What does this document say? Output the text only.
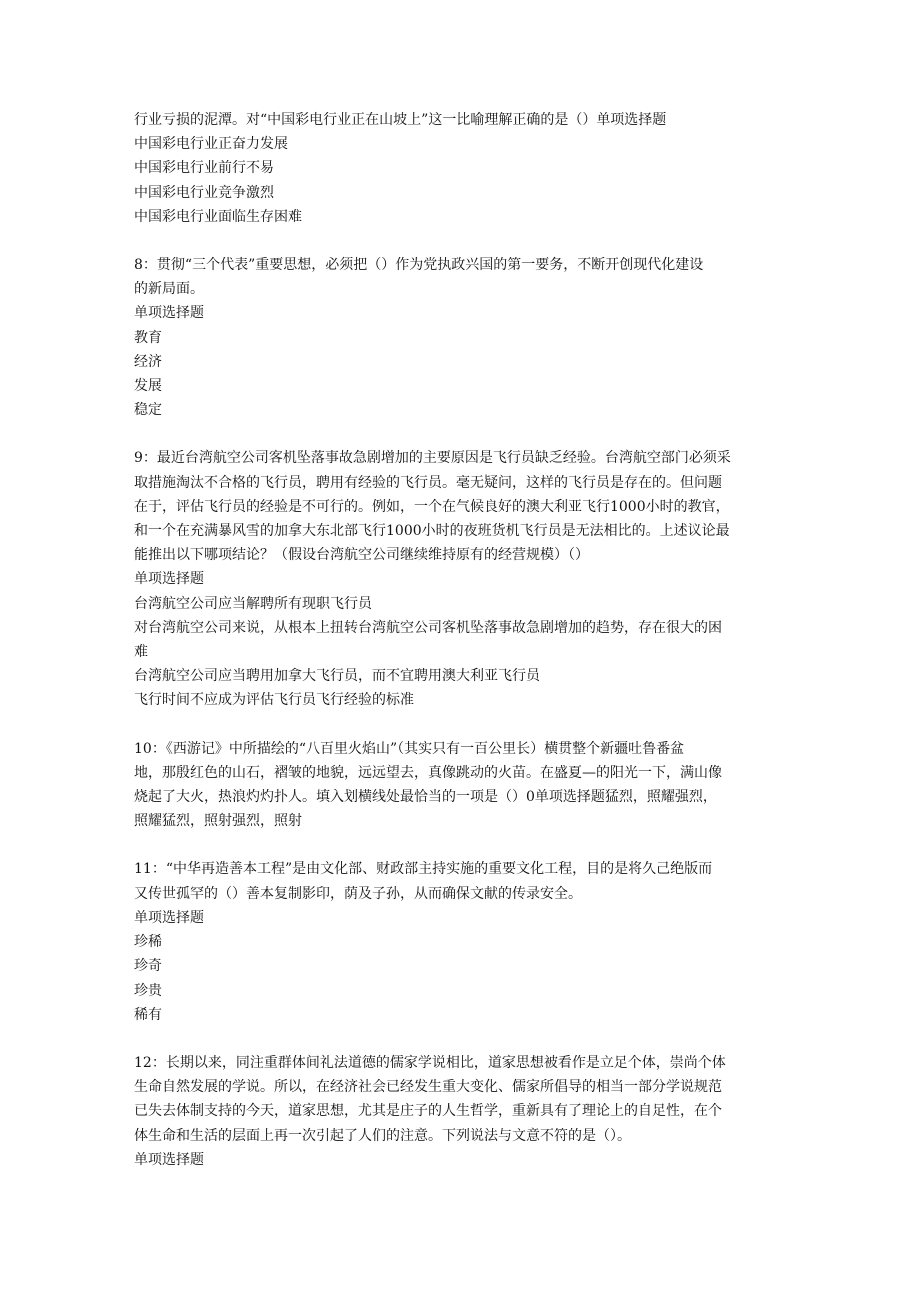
行业亏损的泥潭。对“中国彩电行业正在山坡上”这一比喻理解正确的是（）单项选择题
中国彩电行业正奋力发展
中国彩电行业前行不易
中国彩电行业竞争激烈
中国彩电行业面临生存困难
8：贯彻“三个代表”重要思想，必须把（）作为党执政兴国的第一要务，不断开创现代化建设
的新局面。
单项选择题
教育
经济
发展
稳定
9：最近台湾航空公司客机坠落事故急剧增加的主要原因是飞行员缺乏经验。台湾航空部门必须采
取措施淘汰不合格的飞行员，聘用有经验的飞行员。毫无疑问，这样的飞行员是存在的。但问题
在于，评估飞行员的经验是不可行的。例如，一个在气候良好的澳大利亚飞行1000小时的教官，
和一个在充满暴风雪的加拿大东北部飞行1000小时的夜班货机飞行员是无法相比的。上述议论最
能推出以下哪项结论？（假设台湾航空公司继续维持原有的经营规模）（）
单项选择题
台湾航空公司应当解聘所有现职飞行员
对台湾航空公司来说，从根本上扭转台湾航空公司客机坠落事故急剧增加的趋势，存在很大的困
难
台湾航空公司应当聘用加拿大飞行员，而不宜聘用澳大利亚飞行员
飞行时间不应成为评估飞行员飞行经验的标准
10：《西游记》中所描绘的“八百里火焰山”（其实只有一百公里长）横贯整个新疆吐鲁番盆
地，那殷红色的山石，褶皱的地貌，远远望去，真像跳动的火苗。在盛夏—的阳光一下，满山像
烧起了大火，热浪灼灼扑人。填入划横线处最恰当的一项是（）0单项选择题猛烈，照耀强烈，
照耀猛烈，照射强烈，照射
11：“中华再造善本工程”是由文化部、财政部主持实施的重要文化工程，目的是将久己绝版而
又传世孤罕的（）善本复制影印，荫及子孙，从而确保文献的传录安全。
单项选择题
珍稀
珍奇
珍贵
稀有
12：长期以来，同注重群体间礼法道德的儒家学说相比，道家思想被看作是立足个体，崇尚个体
生命自然发展的学说。所以，在经济社会已经发生重大变化、儒家所倡导的相当一部分学说规范
已失去体制支持的今天，道家思想，尤其是庄子的人生哲学，重新具有了理论上的自足性，在个
体生命和生活的层面上再一次引起了人们的注意。下列说法与文意不符的是（）。
单项选择题
